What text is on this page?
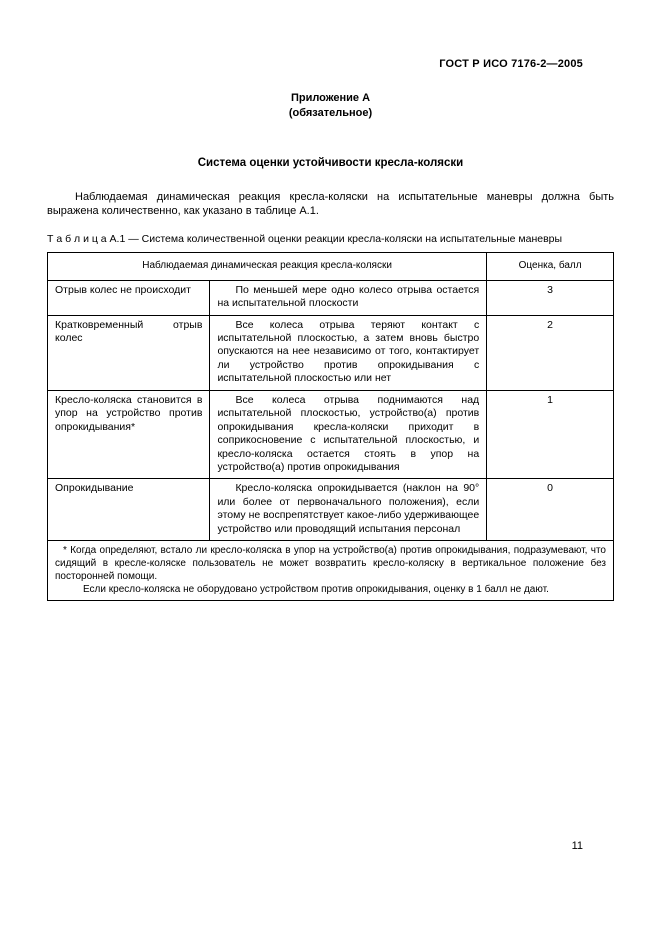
ГОСТ Р ИСО 7176-2—2005
Приложение А
(обязательное)
Система оценки устойчивости кресла-коляски

Наблюдаемая динамическая реакция кресла-коляски на испытательные маневры должна быть выражена количественно, как указано в таблице А.1.

Т а б л и ц а А.1 — Система количественной оценки реакции кресла-коляски на испытательные маневры

Наблюдаемая динамическая реакция кресла-коляски		Оценка, балл
Отрыв колес не происходит	По меньшей мере одно колесо отрыва остается на испытательной плоскости	3
Кратковременный отрыв колес	Все колеса отрыва теряют контакт с испытательной плоскостью, а затем вновь быстро опускаются на нее независимо от того, контактирует ли устройство против опрокидывания с испытательной плоскостью или нет	2
Кресло-коляска становится в упор на устройство против опрокидывания*	Все колеса отрыва поднимаются над испытательной плоскостью, устройство(а) против опрокидывания кресла-коляски приходит в соприкосновение с испытательной плоскостью, и кресло-коляска остается стоять в упор на устройство(а) против опрокидывания	1
Опрокидывание	Кресло-коляска опрокидывается (наклон на 90° или более от первоначального положения), если этому не воспрепятствует какое-либо удерживающее устройство или проводящий испытания персонал	0

* Когда определяют, встало ли кресло-коляска в упор на устройство(а) против опрокидывания, подразумевают, что сидящий в кресле-коляске пользователь не может возвратить кресло-коляску в вертикальное положение без посторонней помощи.

Если кресло-коляска не оборудовано устройством против опрокидывания, оценку в 1 балл не дают.		

11
